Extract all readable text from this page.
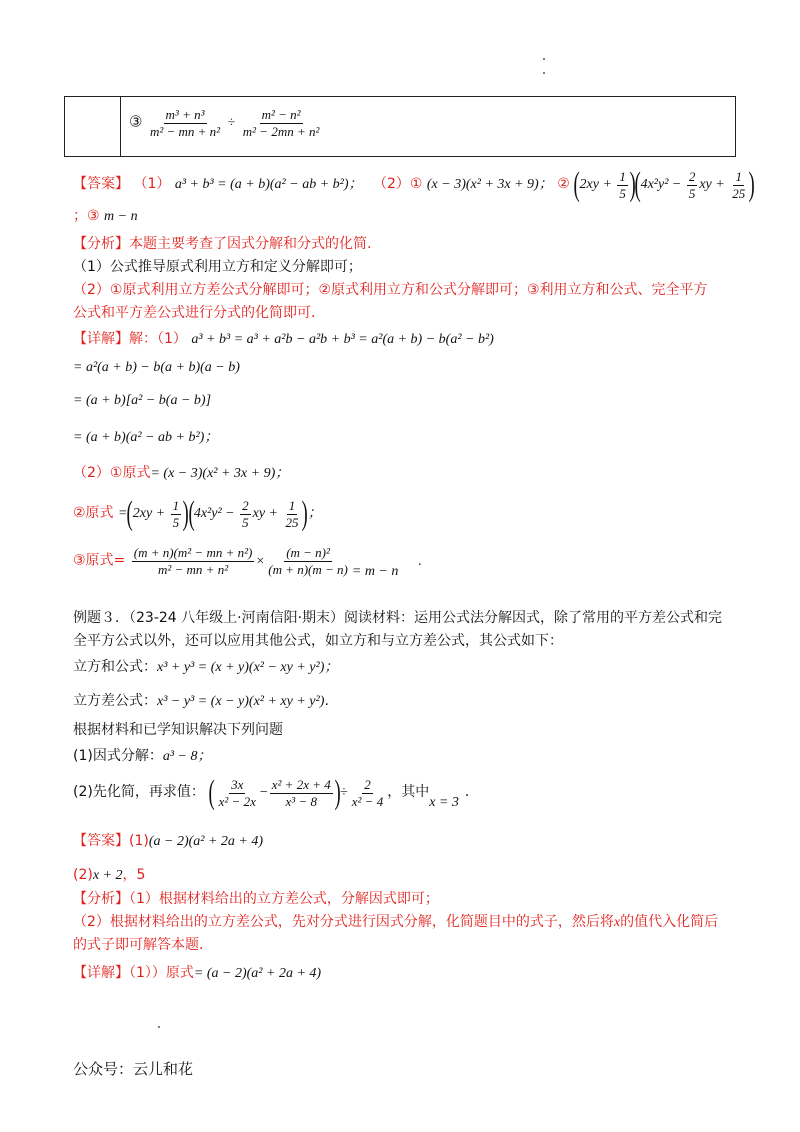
③ $\frac{\text{m³ + n³}}{\text{m² − mn + n²}} \div \frac{\text{m² − n²}}{\text{m² − 2mn + n²}}$
【答案】 （1） a³ + b³ = (a + b)(a² − ab + b²)； （2）① (x − 3)(x² + 3x + 9)； ② $(2xy + \frac{1}{5} )(4x^2y^2 - \frac{2}{5}$ xy + $\frac{1}{25}$ )
；③ m − n
【分析】本题主要考查了因式分解和分式的化简.
（1）公式推导原式利用立方和定义分解即可；
（2）①原式利用立方差公式分解即可；②原式利用立方和公式分解即可；③利用立方和公式、完全平方
公式和平方差公式进行分式的化简即可．
【详解】解：（1） a³ + b³ = a³ + a²b − a²b + b³ = a²(a + b) − b(a² − b²)
= a²(a + b) − b(a + b)(a − b)
= (a + b)[a² − b(a − b)]
= (a + b)(a² − ab + b²)；
（2）①原式= (x − 3)(x² + 3x + 9)；
②原式 $=(2xy + \frac{1}{5} )(4x^2y^2 - \frac{2}{5}$ xy + $\frac{1}{25}$ )；
③原式= $\frac{\text{(m + n)(m² − mn + n²)}}{\text{m² − mn + n²}} \times \frac{\text{(m − n)²}}{(m + n)(m - n)} = m - n$.
例题３．（23-24 八年级上·河南信阳·期末）阅读材料：运用公式法分解因式，除了常用的平方差公式和完
全平方公式以外，还可以应用其他公式，如立方和与立方差公式，其公式如下：
立方和公式：x³ + y³ = (x + y)(x² − xy + y²)；
立方差公式：x³ − y³ = (x − y)(x² + xy + y²)．
根据材料和已学知识解决下列问题
(1)因式分解：a³ − 8；
(2)先化简，再求值： ( $\frac{3x}{\text{x² − 2x}} - \frac{\text{x² + 2x + 4}}{\text{x³ − 8}}$ )÷ $\frac{2}{\text{x² − 4}}$ ，其中x = 3．
【答案】(1)(a − 2)(a² + 2a + 4)
(2)x + 2，5
【分析】（1）根据材料给出的立方差公式，分解因式即可；
（2）根据材料给出的立方差公式，先对分式进行因式分解，化简题目中的式子，然后将x的值代入化简后
的式子即可解答本题．
【详解】（1））原式= (a − 2)(a² + 2a + 4)
公众号：云儿和花
